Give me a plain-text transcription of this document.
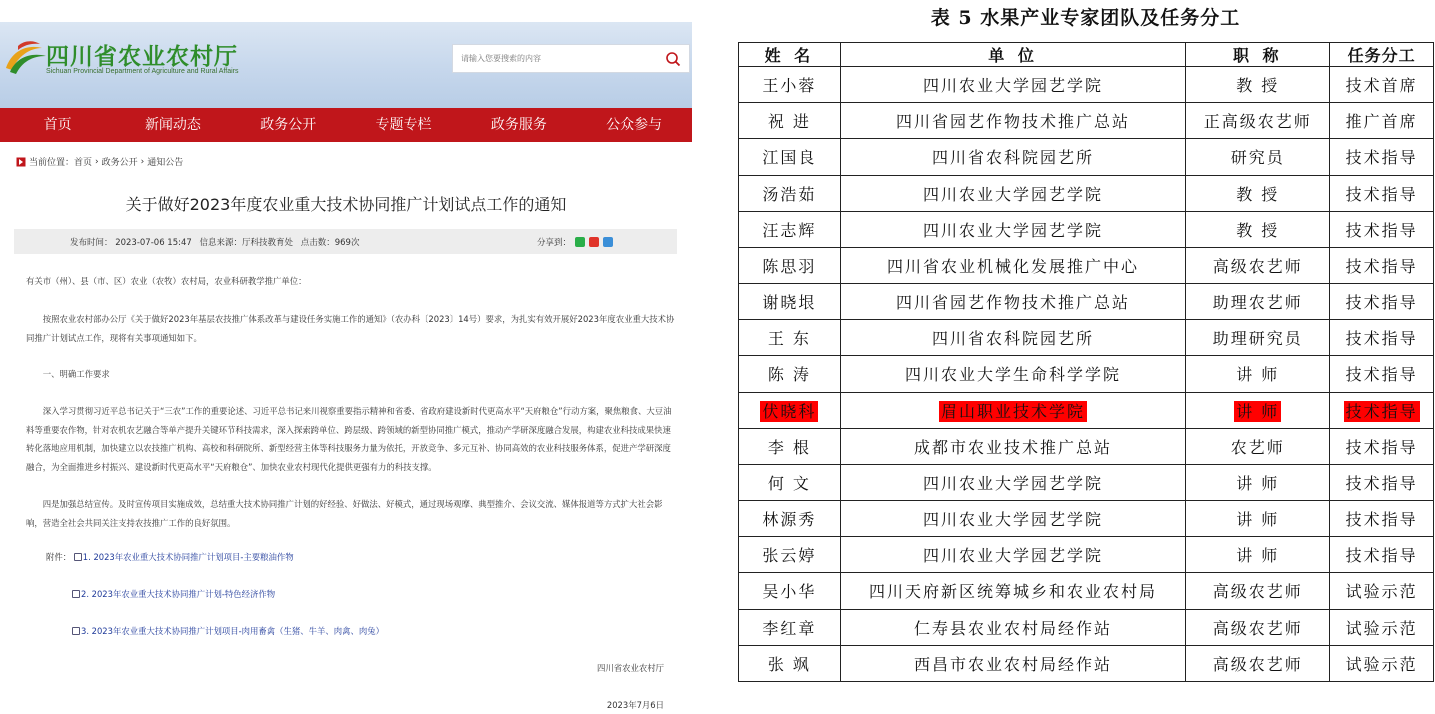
四川省农业农村厅
Sichuan Provincial Department of Agriculture and Rural Affairs
请输入您要搜索的内容
首页	新闻动态	政务公开	专题专栏	政务服务	公众参与
当前位置： 首页 › 政务公开 › 通知公告
关于做好2023年度农业重大技术协同推广计划试点工作的通知
发布时间： 2023-07-06 15:47 信息来源：厅科技教育处 点击数：969次	分享到：
有关市（州）、县（市、区）农业（农牧）农村局，农业科研教学推广单位：
按照农业农村部办公厅《关于做好2023年基层农技推广体系改革与建设任务实施工作的通知》（农办科〔2023〕14号）要求，为扎实有效开展好2023年度农业重大技术协同推广计划试点工作，现将有关事项通知如下。
一、明确工作要求
深入学习贯彻习近平总书记关于“三农”工作的重要论述、习近平总书记来川视察重要指示精神和省委、省政府建设新时代更高水平“天府粮仓”行动方案，聚焦粮食、大豆油料等重要农作物，针对农机农艺融合等单产提升关键环节科技需求，深入探索跨单位、跨层级、跨领域的新型协同推广模式，推动产学研深度融合发展，构建农业科技成果快速转化落地应用机制，加快建立以农技推广机构、高校和科研院所、新型经营主体等科技服务力量为依托，开放竞争、多元互补、协同高效的农业科技服务体系，促进产学研深度融合，为全面推进乡村振兴、建设新时代更高水平“天府粮仓”、加快农业农村现代化提供更强有力的科技支撑。
四是加强总结宣传。及时宣传项目实施成效，总结重大技术协同推广计划的好经验、好做法、好模式，通过现场观摩、典型推介、会议交流、媒体报道等方式扩大社会影响，营造全社会共同关注支持农技推广工作的良好氛围。
附件： 1. 2023年农业重大技术协同推广计划项目-主要粮油作物
2. 2023年农业重大技术协同推广计划-特色经济作物
3. 2023年农业重大技术协同推广计划项目-肉用畜禽（生猪、牛羊、肉禽、肉兔）
四川省农业农村厅
2023年7月6日
表 5 水果产业专家团队及任务分工
姓 名	单 位	职 称	任务分工
王小蓉	四川农业大学园艺学院	教 授	技术首席
祝 进	四川省园艺作物技术推广总站	正高级农艺师	推广首席
江国良	四川省农科院园艺所	研究员	技术指导
汤浩茹	四川农业大学园艺学院	教 授	技术指导
汪志辉	四川农业大学园艺学院	教 授	技术指导
陈思羽	四川省农业机械化发展推广中心	高级农艺师	技术指导
谢晓垠	四川省园艺作物技术推广总站	助理农艺师	技术指导
王 东	四川省农科院园艺所	助理研究员	技术指导
陈 涛	四川农业大学生命科学学院	讲 师	技术指导
伏晓科	眉山职业技术学院	讲 师	技术指导
李 根	成都市农业技术推广总站	农艺师	技术指导
何 文	四川农业大学园艺学院	讲 师	技术指导
林源秀	四川农业大学园艺学院	讲 师	技术指导
张云婷	四川农业大学园艺学院	讲 师	技术指导
吴小华	四川天府新区统筹城乡和农业农村局	高级农艺师	试验示范
李红章	仁寿县农业农村局经作站	高级农艺师	试验示范
张 飒	西昌市农业农村局经作站	高级农艺师	试验示范
